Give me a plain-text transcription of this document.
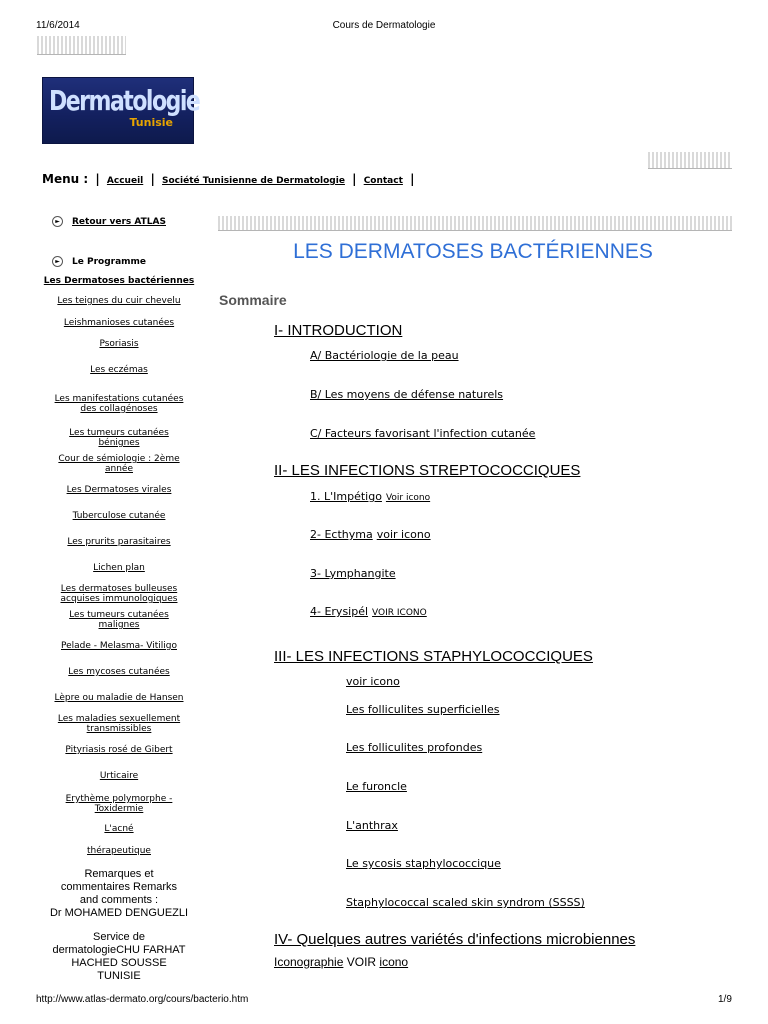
11/6/2014	Cours de Dermatologie
Dermatologie
Tunisie
Menu : | Accueil | Société Tunisienne de Dermatologie | Contact |
► Retour vers ATLAS
► Le Programme
Les Dermatoses bactériennes
Les teignes du cuir chevelu
Leishmanioses cutanées
Psoriasis
Les eczémas
Les manifestations cutanées
des collagénoses
Les tumeurs cutanées
bénignes
Cour de sémiologie : 2ème
année
Les Dermatoses virales
Tuberculose cutanée
Les prurits parasitaires
Lichen plan
Les dermatoses bulleuses
acquises immunologiques
Les tumeurs cutanées
malignes
Pelade - Melasma- Vitiligo
Les mycoses cutanées
Lèpre ou maladie de Hansen
Les maladies sexuellement
transmissibles
Pityriasis rosé de Gibert
Urticaire
Erythème polymorphe -
Toxidermie
L'acné
thérapeutique
Remarques et
commentaires Remarks
and comments :
Dr MOHAMED DENGUEZLI
Service de
dermatologieCHU FARHAT
HACHED SOUSSE
TUNISIE
LES DERMATOSES BACTÉRIENNES
Sommaire
I- INTRODUCTION
A/ Bactériologie de la peau
B/ Les moyens de défense naturels
C/ Facteurs favorisant l'infection cutanée
II- LES INFECTIONS STREPTOCOCCIQUES
1. L'Impétigo Voir icono
2- Ecthyma voir icono
3- Lymphangite
4- Erysipél VOIR ICONO
III- LES INFECTIONS STAPHYLOCOCCIQUES
voir icono
Les folliculites superficielles
Les folliculites profondes
Le furoncle
L'anthrax
Le sycosis staphylococcique
Staphylococcal scaled skin syndrom (SSSS)
IV- Quelques autres variétés d'infections microbiennes
Iconographie VOIR icono
http://www.atlas-dermato.org/cours/bacterio.htm	1/9
